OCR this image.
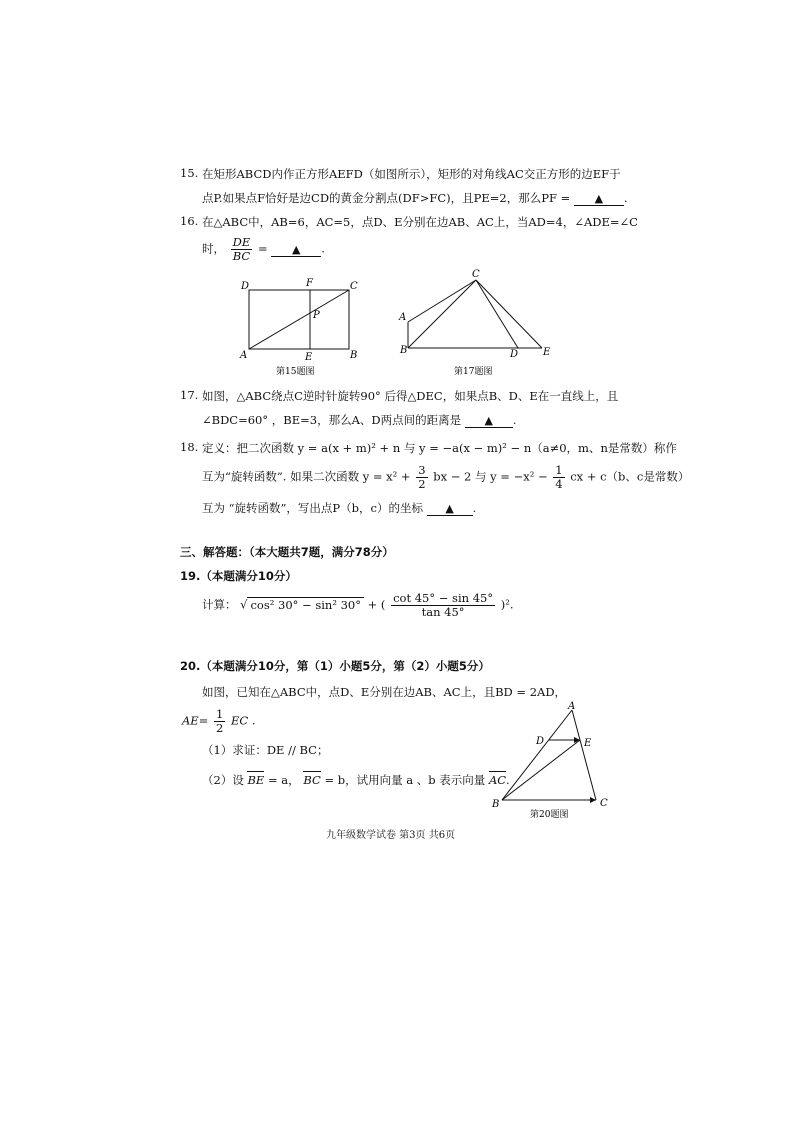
15. 在矩形ABCD内作正方形AEFD（如图所示），矩形的对角线AC交正方形的边EF于
点P.如果点F恰好是边CD的黄金分割点(DF>FC)，且PE=2，那么PF = ▲ .
16. 在△ABC中，AB=6，AC=5，点D、E分别在边AB、AC上，当AD=4，∠ADE=∠C
时， $\frac{DE}{BC}$ = ▲ .
D	F	C
P
A	E	B
第15题图
C
A
B	D E
第17题图
17. 如图，△ABC绕点C逆时针旋转90° 后得△DEC，如果点B、D、E在一直线上，且
∠BDC=60° ，BE=3，那么A、D两点间的距离是 ▲ .
18. 定义：把二次函数 y = a(x + m)² + n 与 y = −a(x − m)² − n（a≠0，m、n是常数）称作
互为“旋转函数”. 如果二次函数 $y = x^2 + \frac{3}{2}$ bx − 2 与 $y = -x^2 - \frac{1}{4}$ cx + c（b、c是常数）
互为 “旋转函数”，写出点P（b，c）的坐标 ▲ .
三、解答题：（本大题共7题，满分78分）
19.（本题满分10分）
计算： √ cos² 30° − sin² 30° + ( $\frac{\cot 45^\circ - \sin 45^\circ}{\tan 45^\circ} )^2$.
20.（本题满分10分，第（1）小题5分，第（2）小题5分）
如图，已知在△ABC中，点D、E分别在边AB、AC上，且BD = 2AD，
$AE= \frac{1}{2}$ EC .
（1）求证：DE // BC；
（2）设 BE = a， BC = b，试用向量 a 、b 表示向量 AC.
A
D	E
B	C
第20题图
九年级数学试卷 第3页 共6页
